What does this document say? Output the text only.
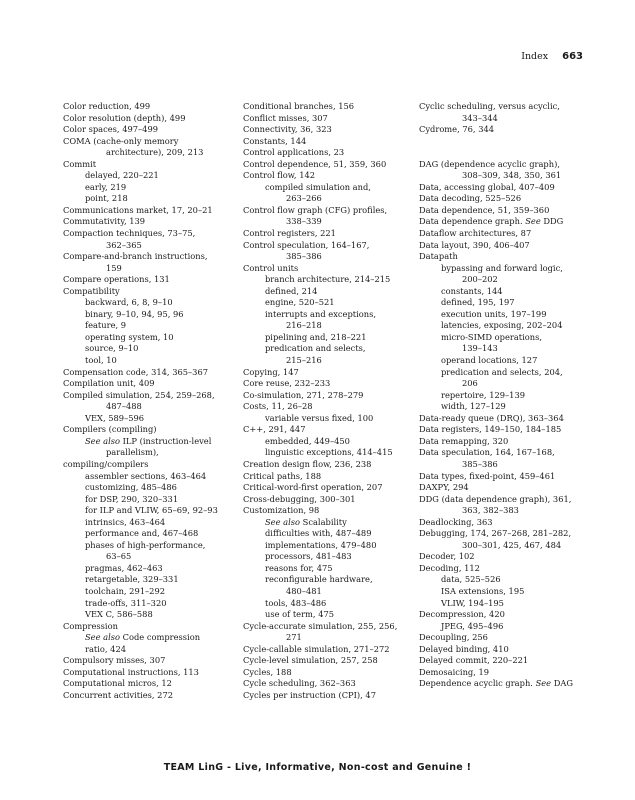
Index 663
Color reduction, 499
Color resolution (depth), 499
Color spaces, 497–499
COMA (cache-only memory
architecture), 209, 213
Commit
delayed, 220–221
early, 219
point, 218
Communications market, 17, 20–21
Commutativity, 139
Compaction techniques, 73–75,
362–365
Compare-and-branch instructions,
159
Compare operations, 131
Compatibility
backward, 6, 8, 9–10
binary, 9–10, 94, 95, 96
feature, 9
operating system, 10
source, 9–10
tool, 10
Compensation code, 314, 365–367
Compilation unit, 409
Compiled simulation, 254, 259–268,
487–488
VEX, 589–596
Compilers (compiling)
See also ILP (instruction-level
parallelism),
compiling/compilers
assembler sections, 463–464
customizing, 485–486
for DSP, 290, 320–331
for ILP and VLIW, 65–69, 92–93
intrinsics, 463–464
performance and, 467–468
phases of high-performance,
63–65
pragmas, 462–463
retargetable, 329–331
toolchain, 291–292
trade-offs, 311–320
VEX C, 586–588
Compression
See also Code compression
ratio, 424
Compulsory misses, 307
Computational instructions, 113
Computational micros, 12
Concurrent activities, 272
Conditional branches, 156
Conflict misses, 307
Connectivity, 36, 323
Constants, 144
Control applications, 23
Control dependence, 51, 359, 360
Control flow, 142
compiled simulation and,
263–266
Control flow graph (CFG) profiles,
338–339
Control registers, 221
Control speculation, 164–167,
385–386
Control units
branch architecture, 214–215
defined, 214
engine, 520–521
interrupts and exceptions,
216–218
pipelining and, 218–221
predication and selects,
215–216
Copying, 147
Core reuse, 232–233
Co-simulation, 271, 278–279
Costs, 11, 26–28
variable versus fixed, 100
C++, 291, 447
embedded, 449–450
linguistic exceptions, 414–415
Creation design flow, 236, 238
Critical paths, 188
Critical-word-first operation, 207
Cross-debugging, 300–301
Customization, 98
See also Scalability
difficulties with, 487–489
implementations, 479–480
processors, 481–483
reasons for, 475
reconfigurable hardware,
480–481
tools, 483–486
use of term, 475
Cycle-accurate simulation, 255, 256,
271
Cycle-callable simulation, 271–272
Cycle-level simulation, 257, 258
Cycles, 188
Cycle scheduling, 362–363
Cycles per instruction (CPI), 47
Cyclic scheduling, versus acyclic,
343–344
Cydrome, 76, 344
DAG (dependence acyclic graph),
308–309, 348, 350, 361
Data, accessing global, 407–409
Data decoding, 525–526
Data dependence, 51, 359–360
Data dependence graph. See DDG
Dataflow architectures, 87
Data layout, 390, 406–407
Datapath
bypassing and forward logic,
200–202
constants, 144
defined, 195, 197
execution units, 197–199
latencies, exposing, 202–204
micro-SIMD operations,
139–143
operand locations, 127
predication and selects, 204,
206
repertoire, 129–139
width, 127–129
Data-ready queue (DRQ), 363–364
Data registers, 149–150, 184–185
Data remapping, 320
Data speculation, 164, 167–168,
385–386
Data types, fixed-point, 459–461
DAXPY, 294
DDG (data dependence graph), 361,
363, 382–383
Deadlocking, 363
Debugging, 174, 267–268, 281–282,
300–301, 425, 467, 484
Decoder, 102
Decoding, 112
data, 525–526
ISA extensions, 195
VLIW, 194–195
Decompression, 420
JPEG, 495–496
Decoupling, 256
Delayed binding, 410
Delayed commit, 220–221
Demosaicing, 19
Dependence acyclic graph. See DAG
TEAM LinG - Live, Informative, Non-cost and Genuine !
